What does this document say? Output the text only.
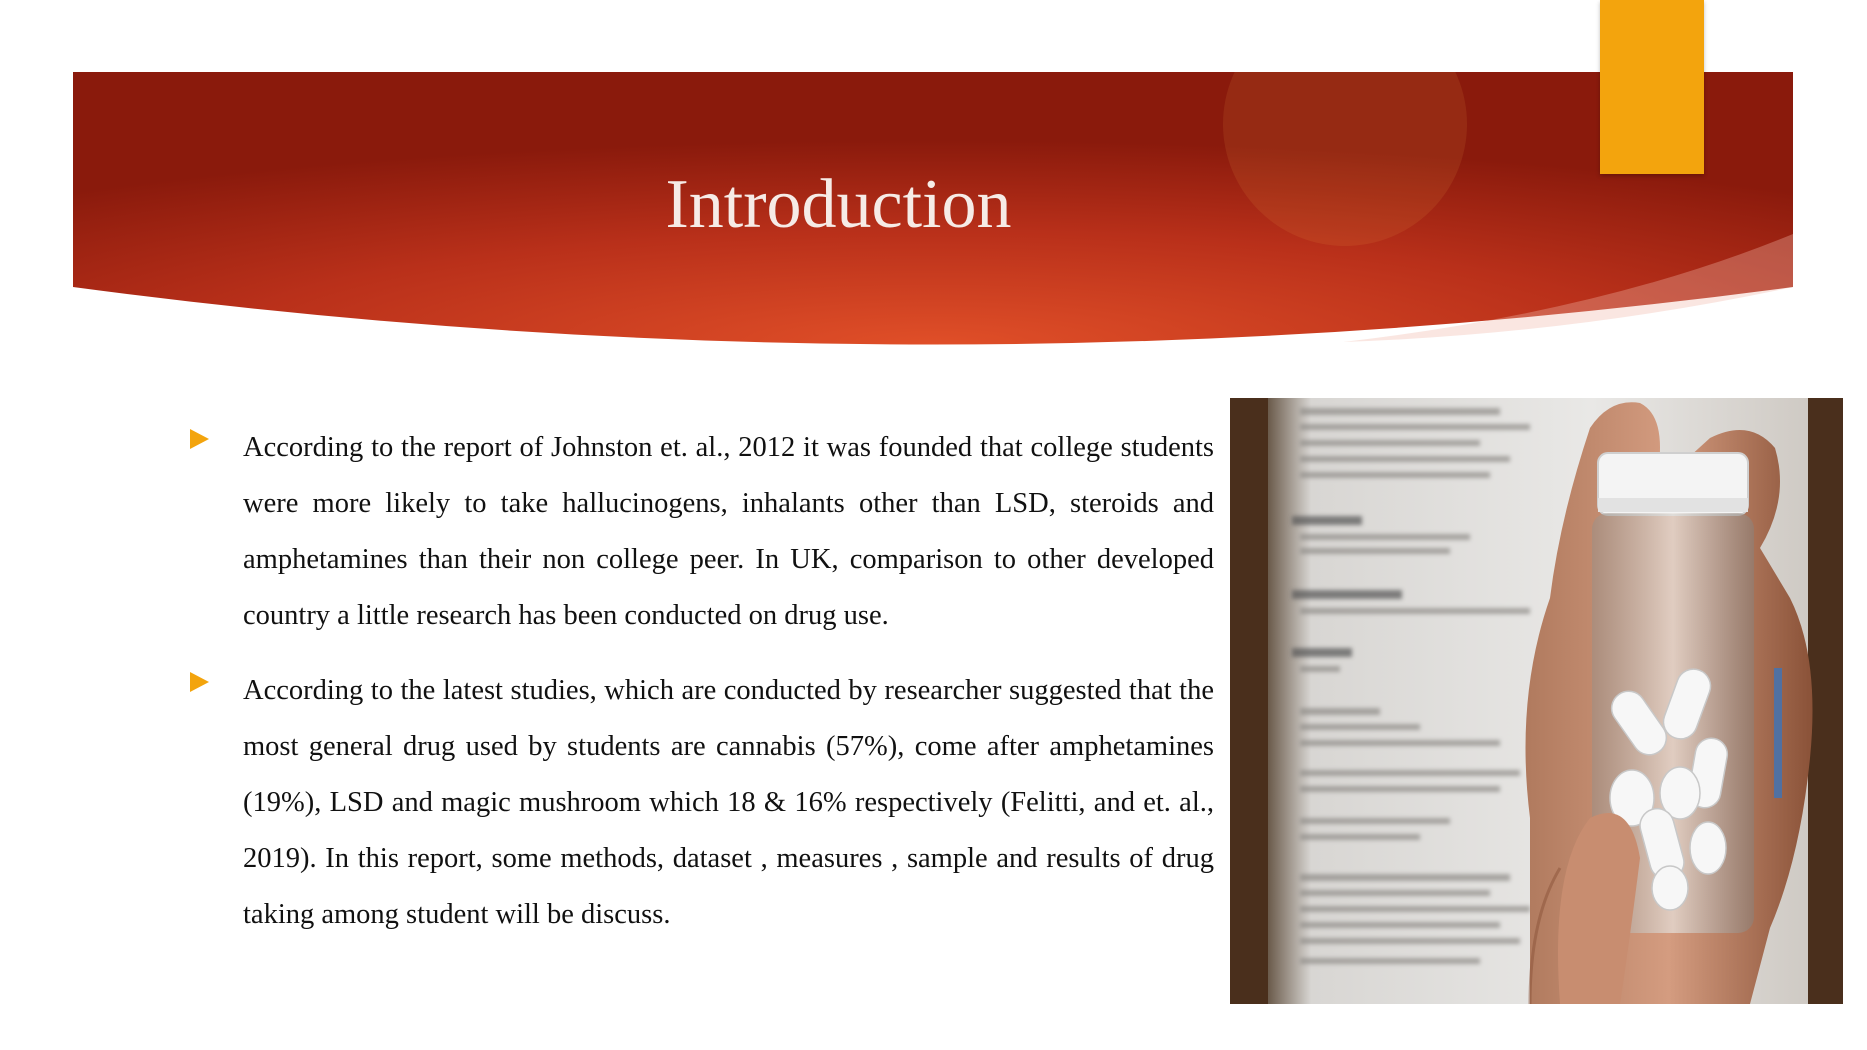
Introduction

According to the report of Johnston et. al., 2012 it was founded that college students were more likely to take hallucinogens, inhalants other than LSD, steroids and amphetamines than their non college peer. In UK, comparison to other developed country a little research has been conducted on drug use.

According to the latest studies, which are conducted by researcher suggested that the most general drug used by students are cannabis (57%), come after amphetamines (19%), LSD and magic mushroom which 18 & 16% respectively (Felitti, and et. al., 2019). In this report, some methods, dataset , measures , sample and results of drug taking among student will be discuss.
